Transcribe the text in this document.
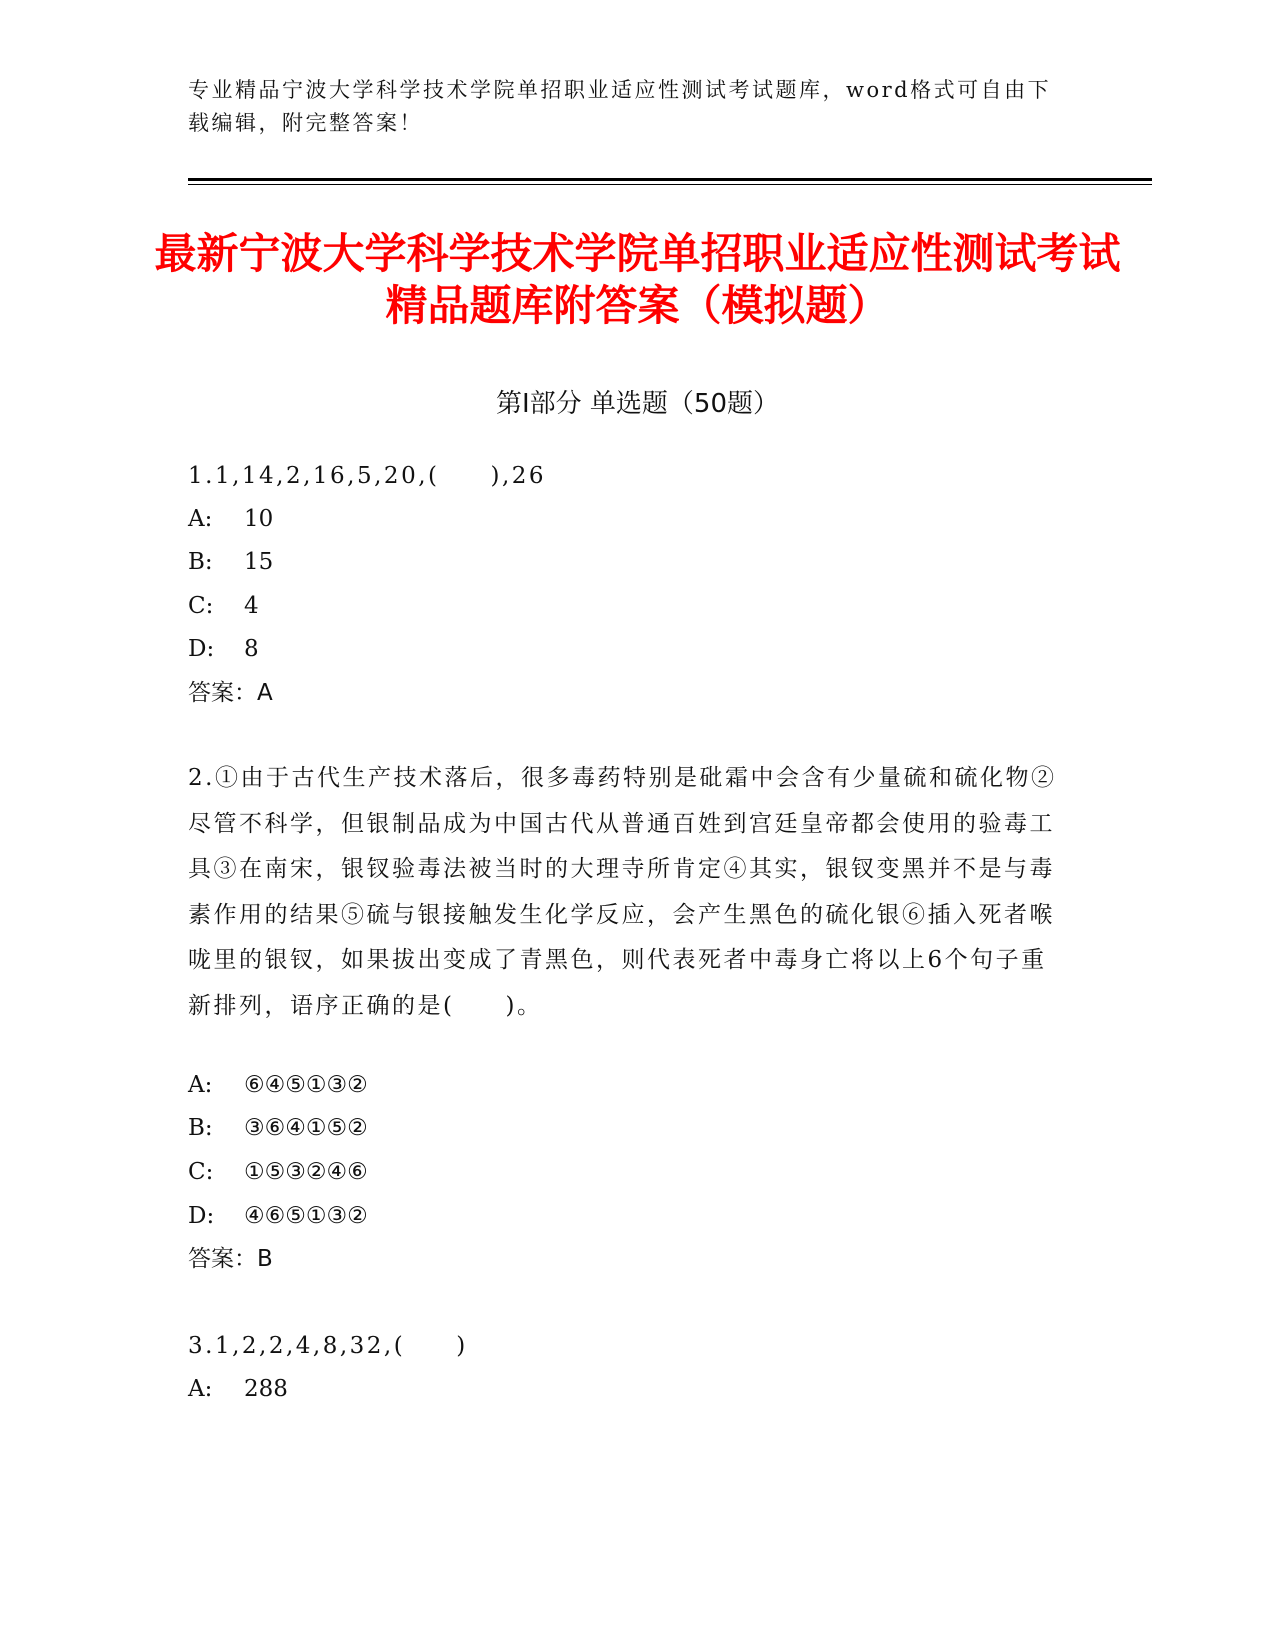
专业精品宁波大学科学技术学院单招职业适应性测试考试题库，word格式可自由下载编辑，附完整答案！
最新宁波大学科学技术学院单招职业适应性测试考试精品题库附答案（模拟题）
第Ⅰ部分 单选题（50题）
1.1,14,2,16,5,20,(　　),26
A: 10
B: 15
C: 4
D: 8
答案：A
2.①由于古代生产技术落后，很多毒药特别是砒霜中会含有少量硫和硫化物②尽管不科学，但银制品成为中国古代从普通百姓到宫廷皇帝都会使用的验毒工具③在南宋，银钗验毒法被当时的大理寺所肯定④其实，银钗变黑并不是与毒素作用的结果⑤硫与银接触发生化学反应，会产生黑色的硫化银⑥插入死者喉咙里的银钗，如果拔出变成了青黑色，则代表死者中毒身亡将以上6个句子重新排列，语序正确的是(　　)。
A: ⑥④⑤①③②
B: ③⑥④①⑤②
C: ①⑤③②④⑥
D: ④⑥⑤①③②
答案：B
3.1,2,2,4,8,32,(　　)
A: 288
